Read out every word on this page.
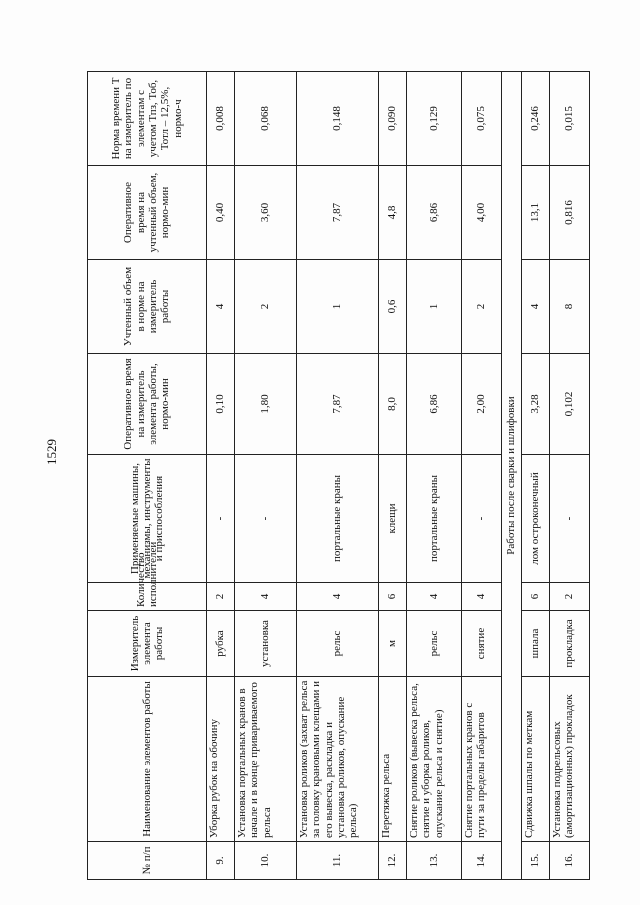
1529
№ п/п	Наименование элементов работы	Измеритель элемента работы	Количество исполнителей	Применяемые машины, механизмы, инструменты и приспособления	Оперативное время на измеритель элемента работы, нормо-мин	Учтенный объем в норме на измеритель работы	Оперативное время на учтенный объем, нормо-мин	Норма времени Т на измеритель по элементам с учетом Тпз, Тоб, Тотл – 12,5%, нормо-ч
9.	Уборка рубок на обочину	рубка	2	-	0,10	4	0,40	0,008
10.	Установка портальных кранов в начале и в конце привариваемого рельса	установка	4	-	1,80	2	3,60	0,068
11.	Установка роликов (захват рельса за головку крановыми клещами и его вывеска, раскладка и установка роликов, опускание рельса)	рельс	4	портальные краны	7,87	1	7,87	0,148
12.	Перетяжка рельса	м	6	клещи	8,0	0,6	4,8	0,090
13.	Снятие роликов (вывеска рельса, снятие и уборка роликов, опускание рельса и снятие)	рельс	4	портальные краны	6,86	1	6,86	0,129
14.	Снятие портальных кранов с пути за пределы габаритов	снятие	4	-	2,00	2	4,00	0,075
Работы после сварки и шлифовки								
15.	Сдвижка шпалы по меткам	шпала	6	лом остроконечный	3,28	4	13,1	0,246
16.	Установка подрельсовых (амортизационных) прокладок	прокладка	2	-	0,102	8	0,816	0,015
